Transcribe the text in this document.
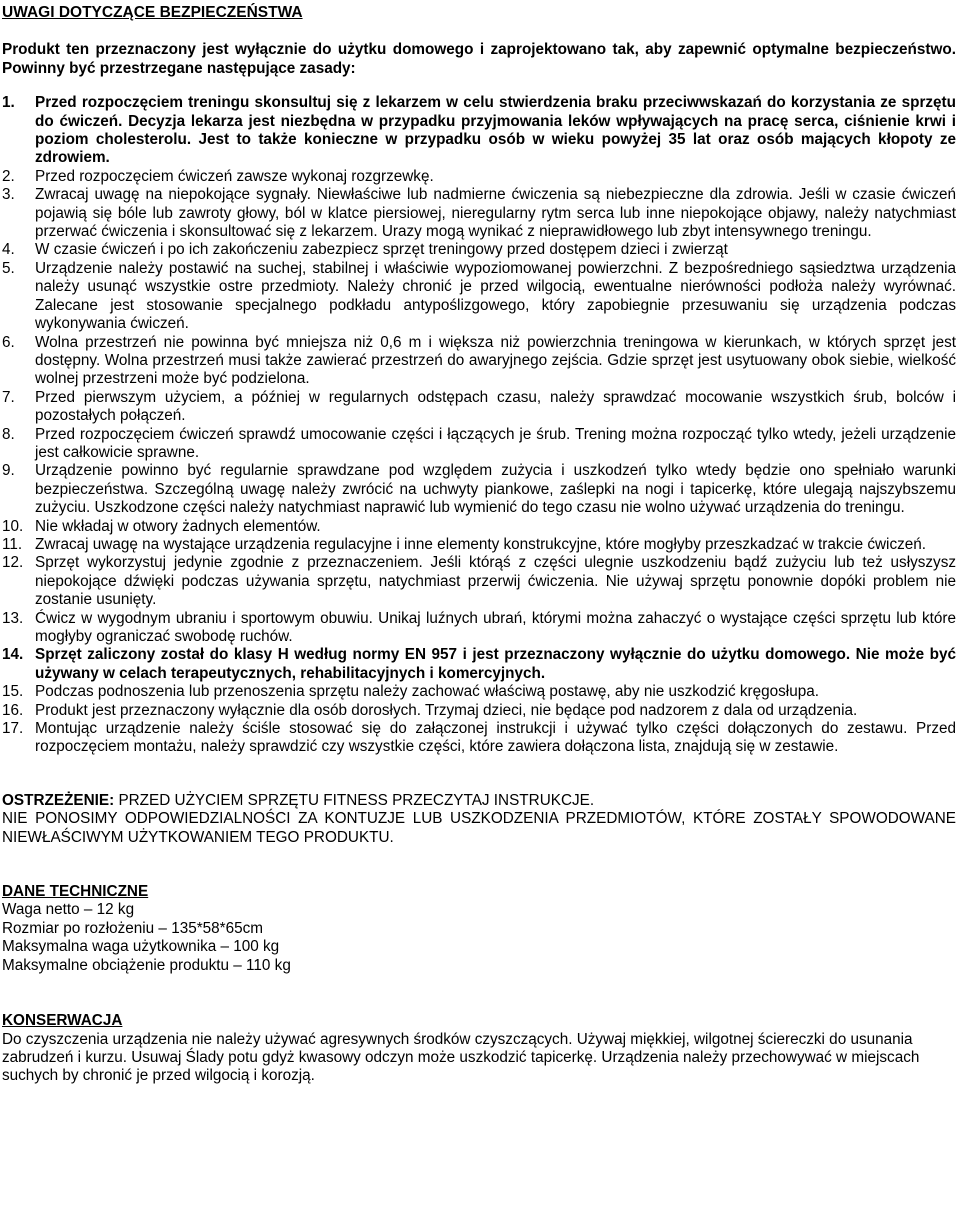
UWAGI DOTYCZĄCE BEZPIECZEŃSTWA

Produkt ten przeznaczony jest wyłącznie do użytku domowego i zaprojektowano tak, aby zapewnić optymalne bezpieczeństwo. Powinny być przestrzegane następujące zasady:

1. Przed rozpoczęciem treningu skonsultuj się z lekarzem w celu stwierdzenia braku przeciwwskazań do korzystania ze sprzętu do ćwiczeń. Decyzja lekarza jest niezbędna w przypadku przyjmowania leków wpływających na pracę serca, ciśnienie krwi i poziom cholesterolu. Jest to także konieczne w przypadku osób w wieku powyżej 35 lat oraz osób mających kłopoty ze zdrowiem.
2. Przed rozpoczęciem ćwiczeń zawsze wykonaj rozgrzewkę.
3. Zwracaj uwagę na niepokojące sygnały. Niewłaściwe lub nadmierne ćwiczenia są niebezpieczne dla zdrowia. Jeśli w czasie ćwiczeń pojawią się bóle lub zawroty głowy, ból w klatce piersiowej, nieregularny rytm serca lub inne niepokojące objawy, należy natychmiast przerwać ćwiczenia i skonsultować się z lekarzem. Urazy mogą wynikać z nieprawidłowego lub zbyt intensywnego treningu.
4. W czasie ćwiczeń i po ich zakończeniu zabezpiecz sprzęt treningowy przed dostępem dzieci i zwierząt
5. Urządzenie należy postawić na suchej, stabilnej i właściwie wypoziomowanej powierzchni. Z bezpośredniego sąsiedztwa urządzenia należy usunąć wszystkie ostre przedmioty. Należy chronić je przed wilgocią, ewentualne nierówności podłoża należy wyrównać. Zalecane jest stosowanie specjalnego podkładu antypoślizgowego, który zapobiegnie przesuwaniu się urządzenia podczas wykonywania ćwiczeń.
6. Wolna przestrzeń nie powinna być mniejsza niż 0,6 m i większa niż powierzchnia treningowa w kierunkach, w których sprzęt jest dostępny. Wolna przestrzeń musi także zawierać przestrzeń do awaryjnego zejścia. Gdzie sprzęt jest usytuowany obok siebie, wielkość wolnej przestrzeni może być podzielona.
7. Przed pierwszym użyciem, a później w regularnych odstępach czasu, należy sprawdzać mocowanie wszystkich śrub, bolców i pozostałych połączeń.
8. Przed rozpoczęciem ćwiczeń sprawdź umocowanie części i łączących je śrub. Trening można rozpocząć tylko wtedy, jeżeli urządzenie jest całkowicie sprawne.
9. Urządzenie powinno być regularnie sprawdzane pod względem zużycia i uszkodzeń tylko wtedy będzie ono spełniało warunki bezpieczeństwa. Szczególną uwagę należy zwrócić na uchwyty piankowe, zaślepki na nogi i tapicerkę, które ulegają najszybszemu zużyciu. Uszkodzone części należy natychmiast naprawić lub wymienić do tego czasu nie wolno używać urządzenia do treningu.
10. Nie wkładaj w otwory żadnych elementów.
11. Zwracaj uwagę na wystające urządzenia regulacyjne i inne elementy konstrukcyjne, które mogłyby przeszkadzać w trakcie ćwiczeń.
12. Sprzęt wykorzystuj jedynie zgodnie z przeznaczeniem. Jeśli którąś z części ulegnie uszkodzeniu bądź zużyciu lub też usłyszysz niepokojące dźwięki podczas używania sprzętu, natychmiast przerwij ćwiczenia. Nie używaj sprzętu ponownie dopóki problem nie zostanie usunięty.
13. Ćwicz w wygodnym ubraniu i sportowym obuwiu. Unikaj luźnych ubrań, którymi można zahaczyć o wystające części sprzętu lub które mogłyby ograniczać swobodę ruchów.
14. Sprzęt zaliczony został do klasy H według normy EN 957 i jest przeznaczony wyłącznie do użytku domowego. Nie może być używany w celach terapeutycznych, rehabilitacyjnych i komercyjnych.
15. Podczas podnoszenia lub przenoszenia sprzętu należy zachować właściwą postawę, aby nie uszkodzić kręgosłupa.
16. Produkt jest przeznaczony wyłącznie dla osób dorosłych. Trzymaj dzieci, nie będące pod nadzorem z dala od urządzenia.
17. Montując urządzenie należy ściśle stosować się do załączonej instrukcji i używać tylko części dołączonych do zestawu. Przed rozpoczęciem montażu, należy sprawdzić czy wszystkie części, które zawiera dołączona lista, znajdują się w zestawie.
OSTRZEŻENIE: PRZED UŻYCIEM SPRZĘTU FITNESS PRZECZYTAJ INSTRUKCJE.
NIE PONOSIMY ODPOWIEDZIALNOŚCI ZA KONTUZJE LUB USZKODZENIA PRZEDMIOTÓW, KTÓRE ZOSTAŁY SPOWODOWANE NIEWŁAŚCIWYM UŻYTKOWANIEM TEGO PRODUKTU.
DANE TECHNICZNE
Waga netto – 12 kg
Rozmiar po rozłożeniu – 135*58*65cm
Maksymalna waga użytkownika – 100 kg
Maksymalne obciążenie produktu – 110 kg
KONSERWACJA

Do czyszczenia urządzenia nie należy używać agresywnych środków czyszczących. Używaj miękkiej, wilgotnej ściereczki do usunania zabrudzeń i kurzu. Usuwaj Ślady potu gdyż kwasowy odczyn może uszkodzić tapicerkę. Urządzenia należy przechowywać w miejscach suchych by chronić je przed wilgocią i korozją.
